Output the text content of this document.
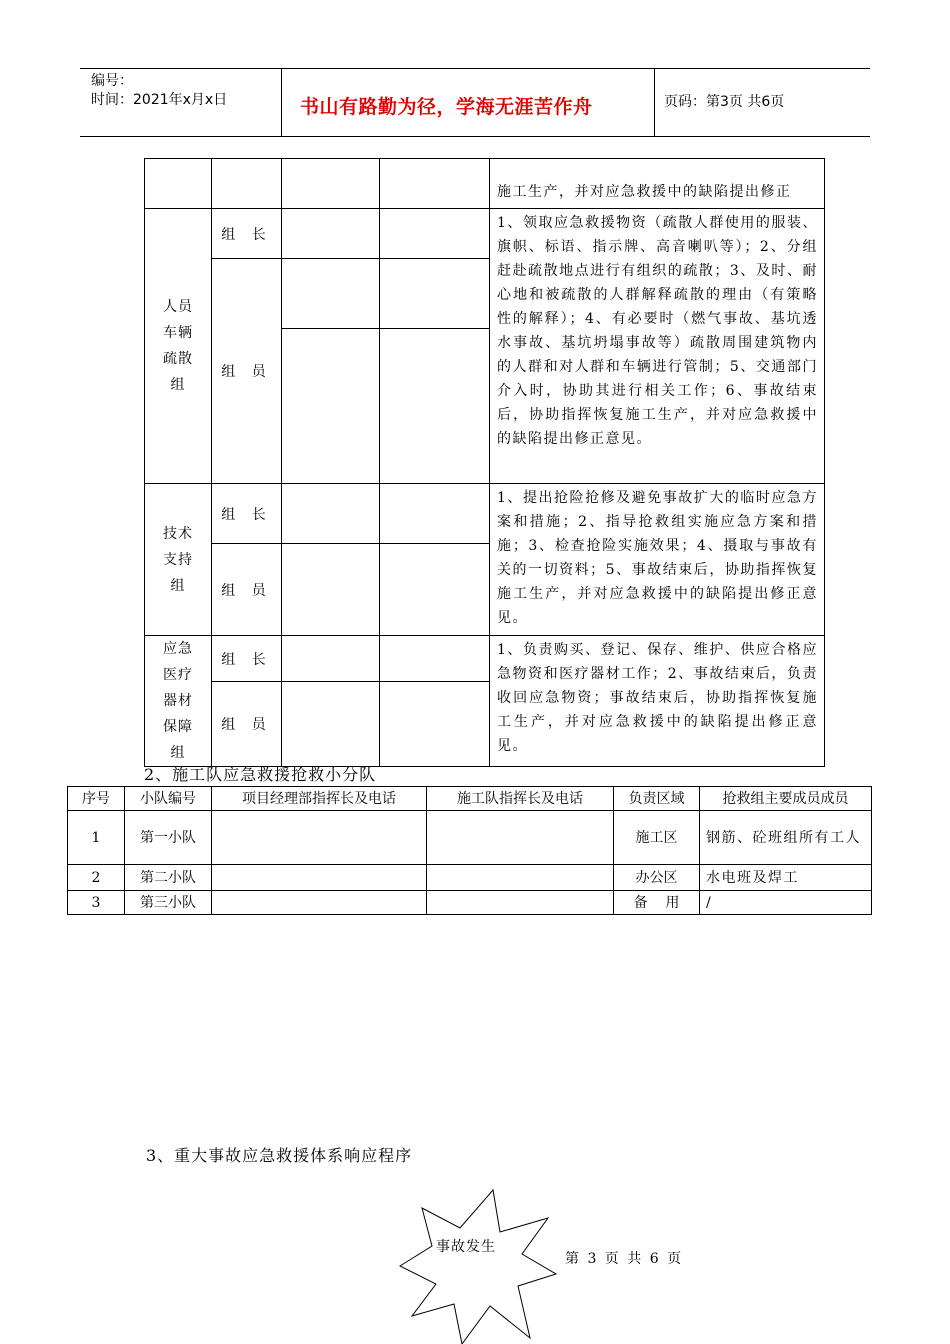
编号：
时间：2021年x月x日	书山有路勤为径，学海无涯苦作舟	页码：第3页 共6页
				施工生产，并对应急救援中的缺陷提出修正
人员
车辆
疏散
组	组 长			1、领取应急救援物资（疏散人群使用的服装、旗帜、标语、指示牌、高音喇叭等）；2、分组赶赴疏散地点进行有组织的疏散；3、及时、耐心地和被疏散的人群解释疏散的理由（有策略性的解释）；4、有必要时（燃气事故、基坑透水事故、基坑坍塌事故等）疏散周围建筑物内的人群和对人群和车辆进行管制；5、交通部门介入时，协助其进行相关工作；6、事故结束后，协助指挥恢复施工生产，并对应急救援中的缺陷提出修正意见。
	组 员			

技术
支持
组	组 长			1、提出抢险抢修及避免事故扩大的临时应急方案和措施；2、指导抢救组实施应急方案和措施；3、检查抢险实施效果；4、摄取与事故有关的一切资料；5、事故结束后，协助指挥恢复施工生产，并对应急救援中的缺陷提出修正意见。
	组 员			
应急
医疗
器材
保障
组	组 长			1、负责购买、登记、保存、维护、供应合格应急物资和医疗器材工作；2、事故结束后，负责收回应急物资；事故结束后，协助指挥恢复施工生产，并对应急救援中的缺陷提出修正意见。
	组 员			
2、施工队应急救援抢救小分队
序号	小队编号	项目经理部指挥长及电话	施工队指挥长及电话	负责区域	抢救组主要成员成员
1	第一小队			施工区	钢筋、砼班组所有工人
2	第二小队			办公区	水电班及焊工
3	第三小队			备    用	/
3、重大事故应急救援体系响应程序
事故发生
第 3 页 共 6 页
